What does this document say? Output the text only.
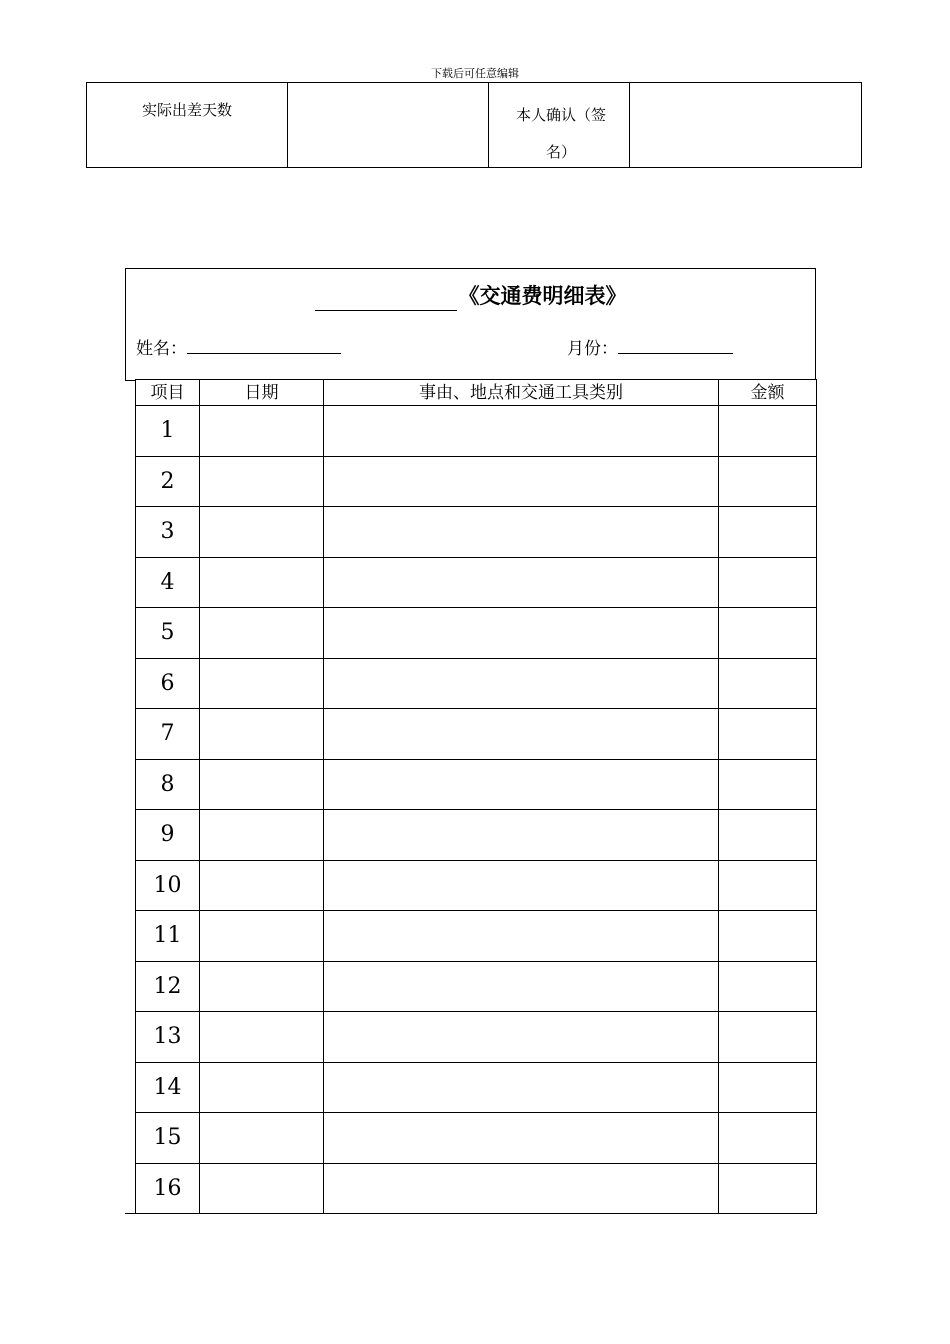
下载后可任意编辑
实际出差天数	本人确认（签名）
《交通费明细表》
姓名：	月份：
项目	日期	事由、地点和交通工具类别	金额
1			
2			
3			
4			
5			
6			
7			
8			
9			
10			
11			
12			
13			
14			
15			
16			
